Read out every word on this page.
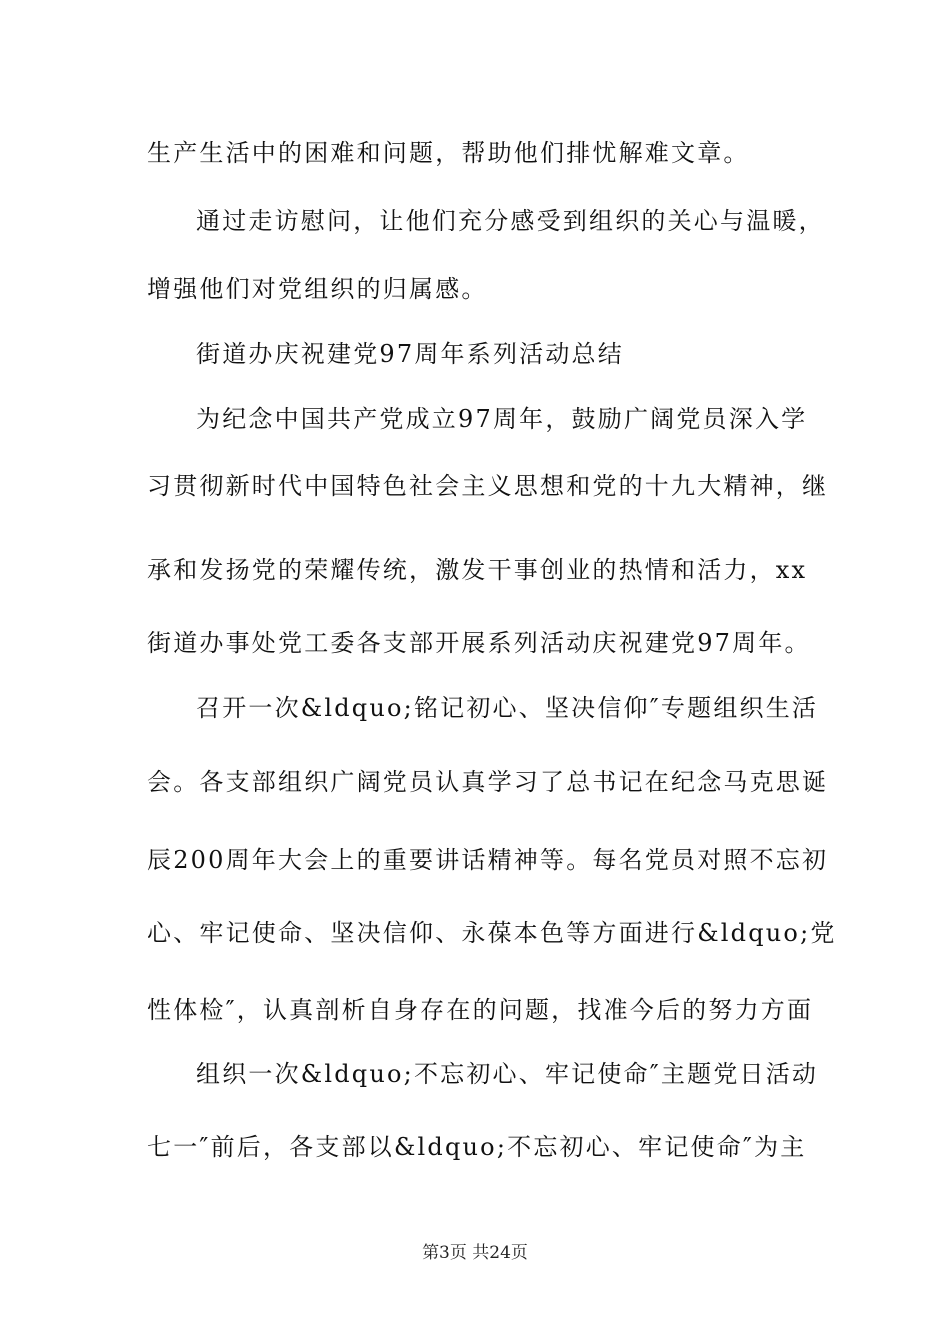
生产生活中的困难和问题，帮助他们排忧解难文章。
通过走访慰问，让他们充分感受到组织的关心与温暖，
增强他们对党组织的归属感。
街道办庆祝建党97周年系列活动总结
为纪念中国共产党成立97周年，鼓励广阔党员深入学
习贯彻新时代中国特色社会主义思想和党的十九大精神，继
承和发扬党的荣耀传统，激发干事创业的热情和活力，xx
街道办事处党工委各支部开展系列活动庆祝建党97周年。
召开一次&ldquo;铭记初心、坚决信仰″专题组织生活
会。各支部组织广阔党员认真学习了总书记在纪念马克思诞
辰200周年大会上的重要讲话精神等。每名党员对照不忘初
心、牢记使命、坚决信仰、永葆本色等方面进行&ldquo;党
性体检″，认真剖析自身存在的问题，找准今后的努力方面
组织一次&ldquo;不忘初心、牢记使命″主题党日活动
七一″前后，各支部以&ldquo;不忘初心、牢记使命″为主
第3页 共24页
